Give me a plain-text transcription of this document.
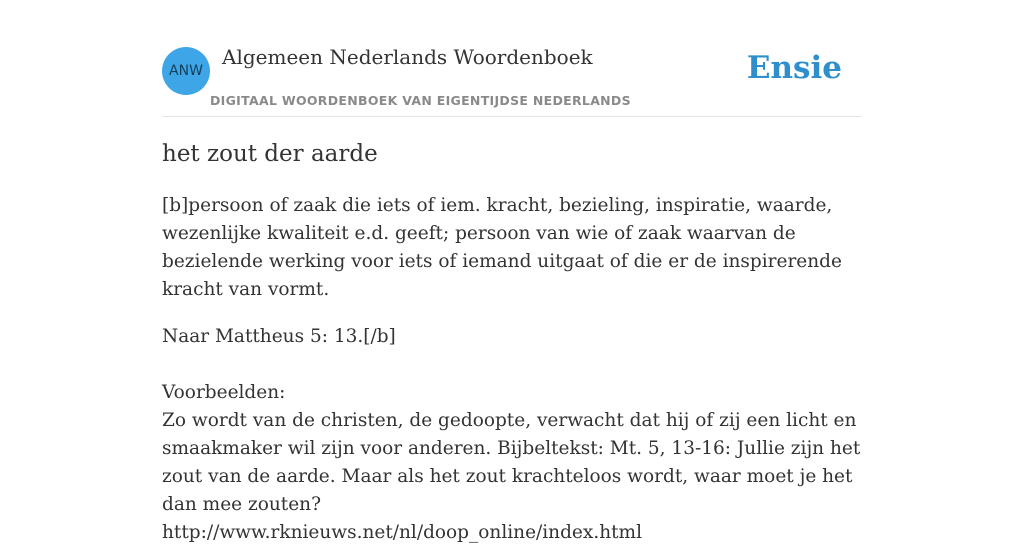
ANW
Algemeen Nederlands Woordenboek
DIGITAAL WOORDENBOEK VAN EIGENTIJDSE NEDERLANDS
Ensie
het zout der aarde

[b]persoon of zaak die iets of iem. kracht, bezieling, inspiratie, waarde, wezenlijke kwaliteit e.d. geeft; persoon van wie of zaak waarvan de bezielende werking voor iets of iemand uitgaat of die er de inspirerende kracht van vormt.

Naar Mattheus 5: 13.[/b]
Voorbeelden:
Zo wordt van de christen, de gedoopte, verwacht dat hij of zij een licht en smaakmaker wil zijn voor anderen. Bijbeltekst: Mt. 5, 13-16: Jullie zijn het zout van de aarde. Maar als het zout krachteloos wordt, waar moet je het dan mee zouten?
http://www.rknieuws.net/nl/doop_online/index.html
